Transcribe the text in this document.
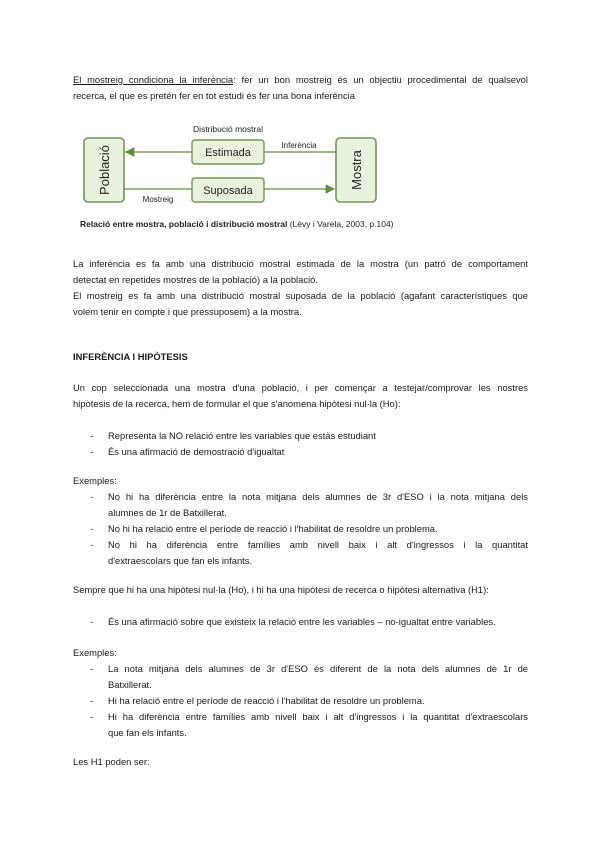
El mostreig condiciona la inferència: fer un bon mostreig és un objectiu procedimental de qualsevol
recerca, el que es pretén fer en tot estudi és fer una bona inferència
Distribució mostral
Població	Mostra
Estimada
Suposada
Inferència
Mostreig
Relació entre mostra, població i distribució mostral (Lévy i Varela, 2003, p.104)
La inferència es fa amb una distribució mostral estimada de la mostra (un patró de comportament
detectat en repetides mostres de la població) a la població.
El mostreig es fa amb una distribució mostral suposada de la població (agafant característiques que
volem tenir en compte i que pressuposem) a la mostra.
INFERÈNCIA I HIPÒTESIS
Un cop seleccionada una mostra d'una població, i per començar a testejar/comprovar les nostres
hipòtesis de la recerca, hem de formular el que s'anomena hipòtesi nul·la (Ho):
-	Representa la NO relació entre les variables que estàs estudiant
-	És una afirmació de demostració d'igualtat
Exemples:
-	No hi ha diferència entre la nota mitjana dels alumnes de 3r d'ESO i la nota mitjana dels
alumnes de 1r de Batxillerat.
-	No hi ha relació entre el període de reacció i l'habilitat de resoldre un problema.
-	No hi ha diferència entre famílies amb nivell baix i alt d'ingressos i la quantitat
d'extraescolars que fan els infants.
Sempre que hi ha una hipòtesi nul·la (Ho), i hi ha una hipòtesi de recerca o hipòtesi alternativa (H1):
-	És una afirmació sobre que existeix la relació entre les variables – no-igualtat entre variables.
Exemples:
-	La nota mitjana dels alumnes de 3r d'ESO és diferent de la nota dels alumnes de 1r de
Batxillerat.
-	Hi ha relació entre el període de reacció i l'habilitat de resoldre un problema.
-	Hi ha diferència entre famílies amb nivell baix i alt d'ingressos i la quantitat d'extraescolars
que fan els infants.
Les H1 poden ser:
